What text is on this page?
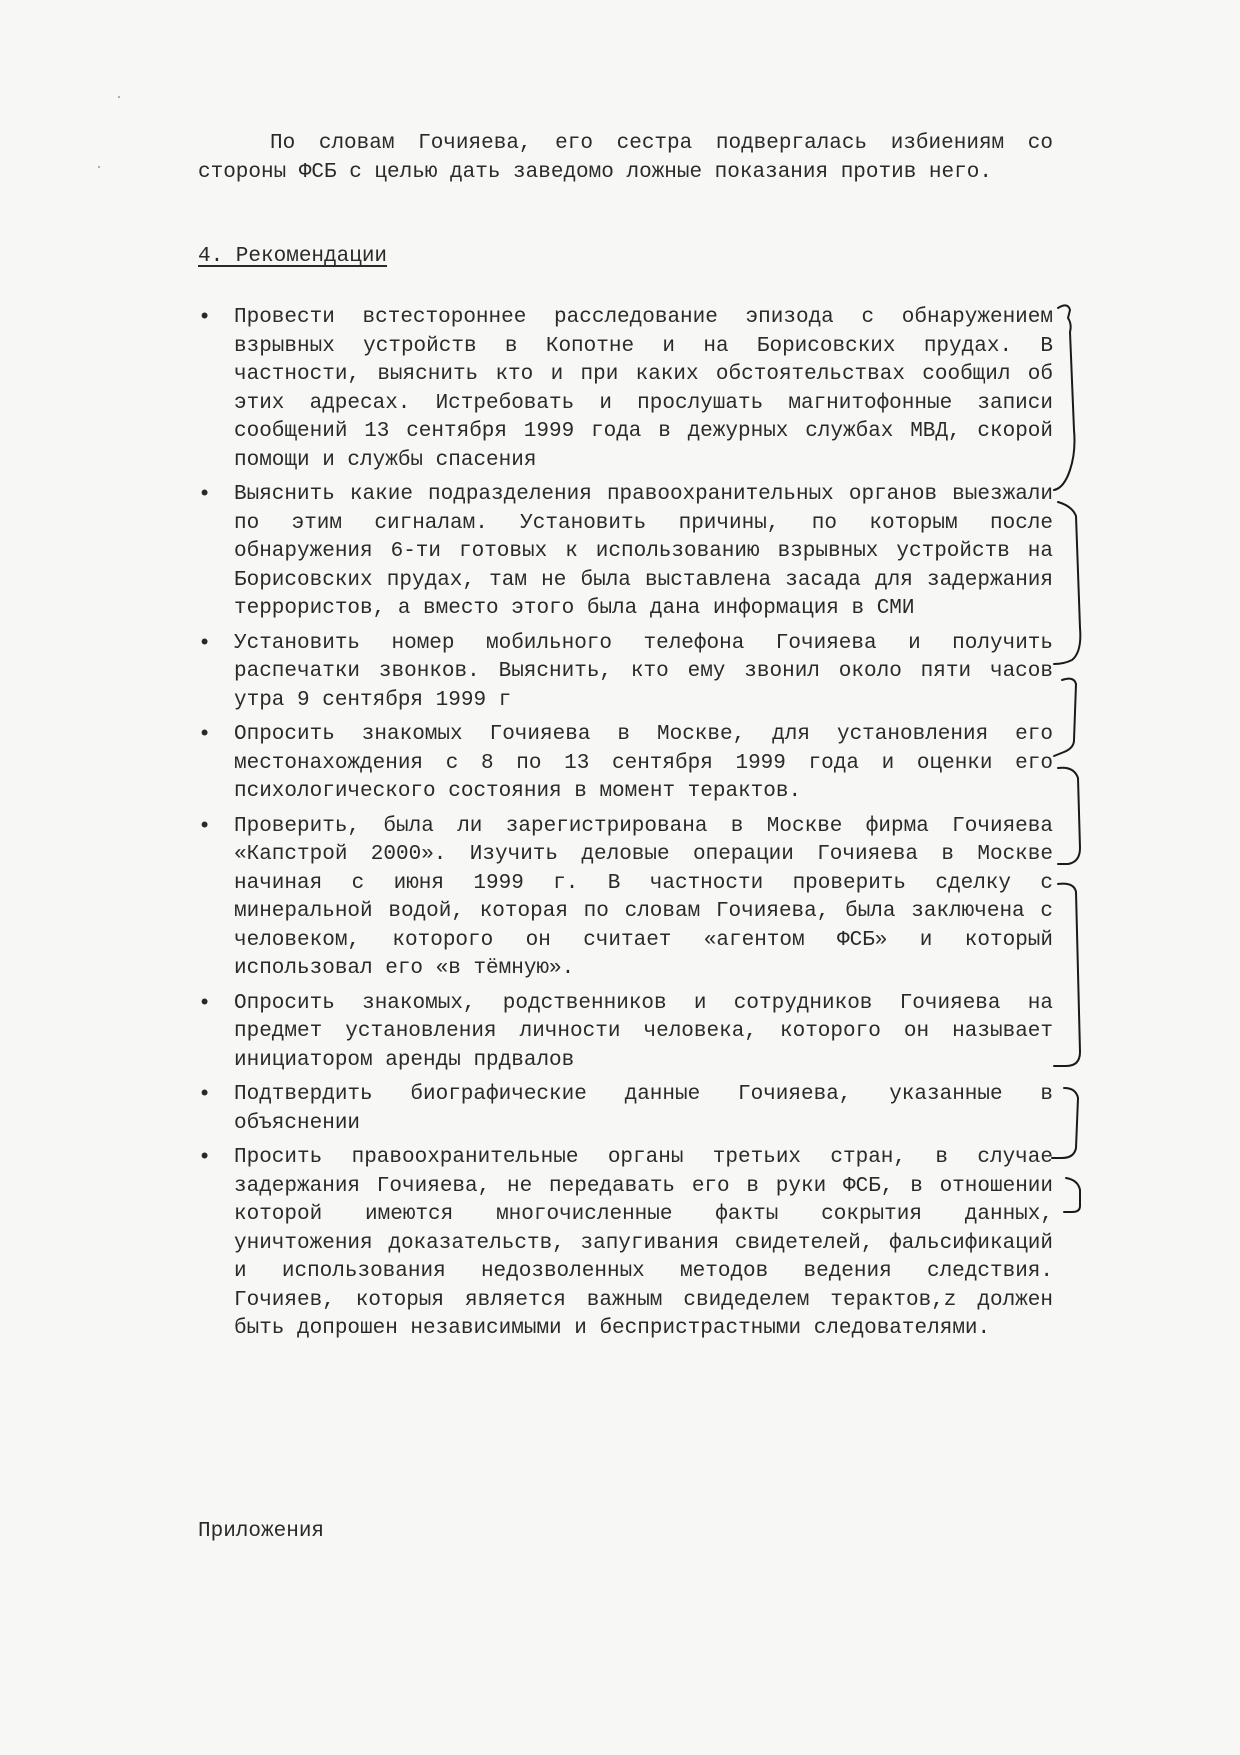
По словам Гочияева, его сестра подвергалась избиениям со стороны ФСБ с целью дать заведомо ложные показания против него.

4. Рекомендации
•	Провести встестороннее расследование эпизода с обнаружением взрывных устройств в Копотне и на Борисовских прудах. В частности, выяснить кто и при каких обстоятельствах сообщил об этих адресах. Истребовать и прослушать магнитофонные записи сообщений 13 сентября 1999 года в дежурных службах МВД, скорой помощи и службы спасения
•	Выяснить какие подразделения правоохранительных органов выезжали по этим сигналам. Установить причины, по которым после обнаружения 6-ти готовых к использованию взрывных устройств на Борисовских прудах, там не была выставлена засада для задержания террористов, а вместо этого была дана информация в СМИ
•	Установить номер мобильного телефона Гочияева и получить распечатки звонков. Выяснить, кто ему звонил около пяти часов утра 9 сентября 1999 г
•	Опросить знакомых Гочияева в Москве, для установления его местонахождения с 8 по 13 сентября 1999 года и оценки его психологического состояния в момент терактов.
•	Проверить, была ли зарегистрирована в Москве фирма Гочияева «Капстрой 2000». Изучить деловые операции Гочияева в Москве начиная с июня 1999 г. В частности проверить сделку с минеральной водой, которая по словам Гочияева, была заключена с человеком, которого он считает «агентом ФСБ» и который использовал его «в тёмную».
•	Опросить знакомых, родственников и сотрудников Гочияева на предмет установления личности человека, которого он называет инициатором аренды прдвалов
•	Подтвердить биографические данные Гочияева, указанные в объяснении
•	Просить правоохранительные органы третьих стран, в случае задержания Гочияева, не передавать его в руки ФСБ, в отношении которой имеются многочисленные факты сокрытия данных, уничтожения доказательств, запугивания свидетелей, фальсификаций и использования недозволенных методов ведения следствия. Гочияев, которыя является важным свидеделем терактов,z должен быть допрошен независимыми и беспристрастными следователями.
Приложения
